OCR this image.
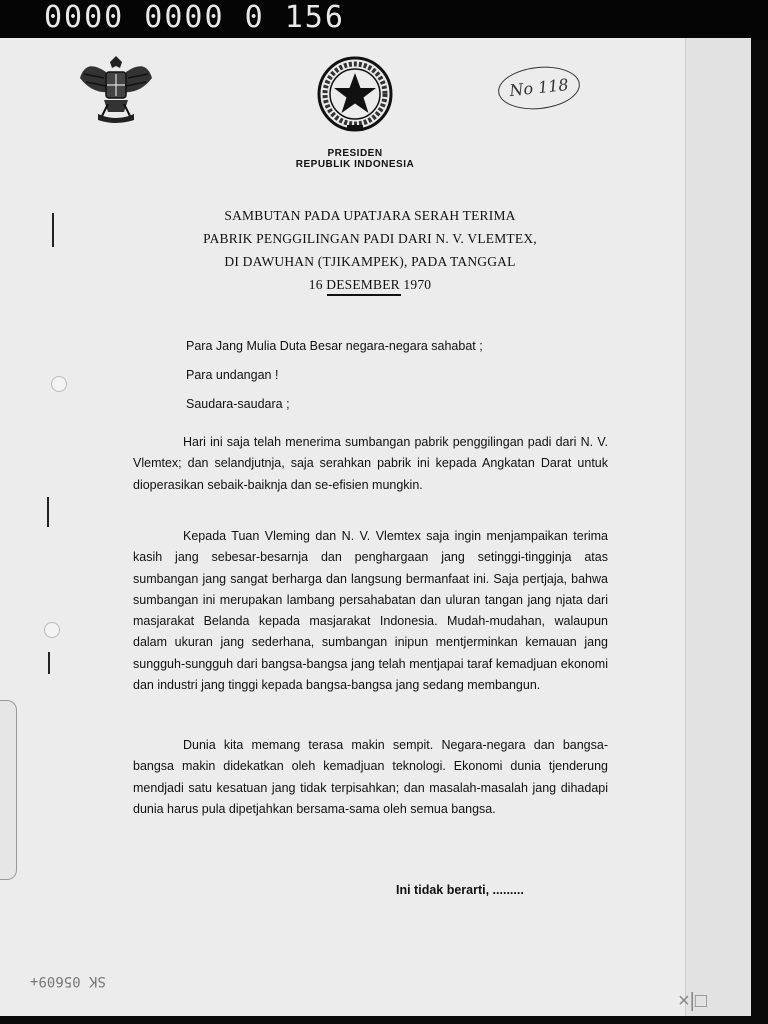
0000 0000 0 156
No 118
PRESIDEN
REPUBLIK INDONESIA
SAMBUTAN PADA UPATJARA SERAH TERIMA
PABRIK PENGGILINGAN PADI DARI N. V. VLEMTEX,
DI DAWUHAN (TJIKAMPEK), PADA TANGGAL
16 DESEMBER 1970
Para Jang Mulia Duta Besar negara-negara sahabat ;
Para undangan !
Saudara-saudara ;
Hari ini saja telah menerima sumbangan pabrik penggilingan padi dari N. V. Vlemtex; dan selandjutnja, saja serahkan pabrik ini kepada Angkatan Darat untuk dioperasikan sebaik-baiknja dan se-efisien mungkin.
Kepada Tuan Vleming dan N. V. Vlemtex saja ingin menjampaikan terima kasih jang sebesar-besarnja dan penghargaan jang setinggi-tingginja atas sumbangan jang sangat berharga dan langsung bermanfaat ini. Saja pertjaja, bahwa sumbangan ini merupakan lambang persahabatan dan uluran tangan jang njata dari masjarakat Belanda kepada masjarakat Indonesia. Mudah-mudahan, walaupun dalam ukuran jang sederhana, sumbangan inipun mentjerminkan kemauan jang sungguh-sungguh dari bangsa-bangsa jang telah mentjapai taraf kemadjuan ekonomi dan industri jang tinggi kepada bangsa-bangsa jang sedang membangun.
Dunia kita memang terasa makin sempit. Negara-negara dan bangsa-bangsa makin didekatkan oleh kemadjuan teknologi. Ekonomi dunia tjenderung mendjadi satu kesatuan jang tidak terpisahkan; dan masalah-masalah jang dihadapi dunia harus pula dipetjahkan bersama-sama oleh semua bangsa.
Ini tidak berarti, .........
SK 05609+
×|□
